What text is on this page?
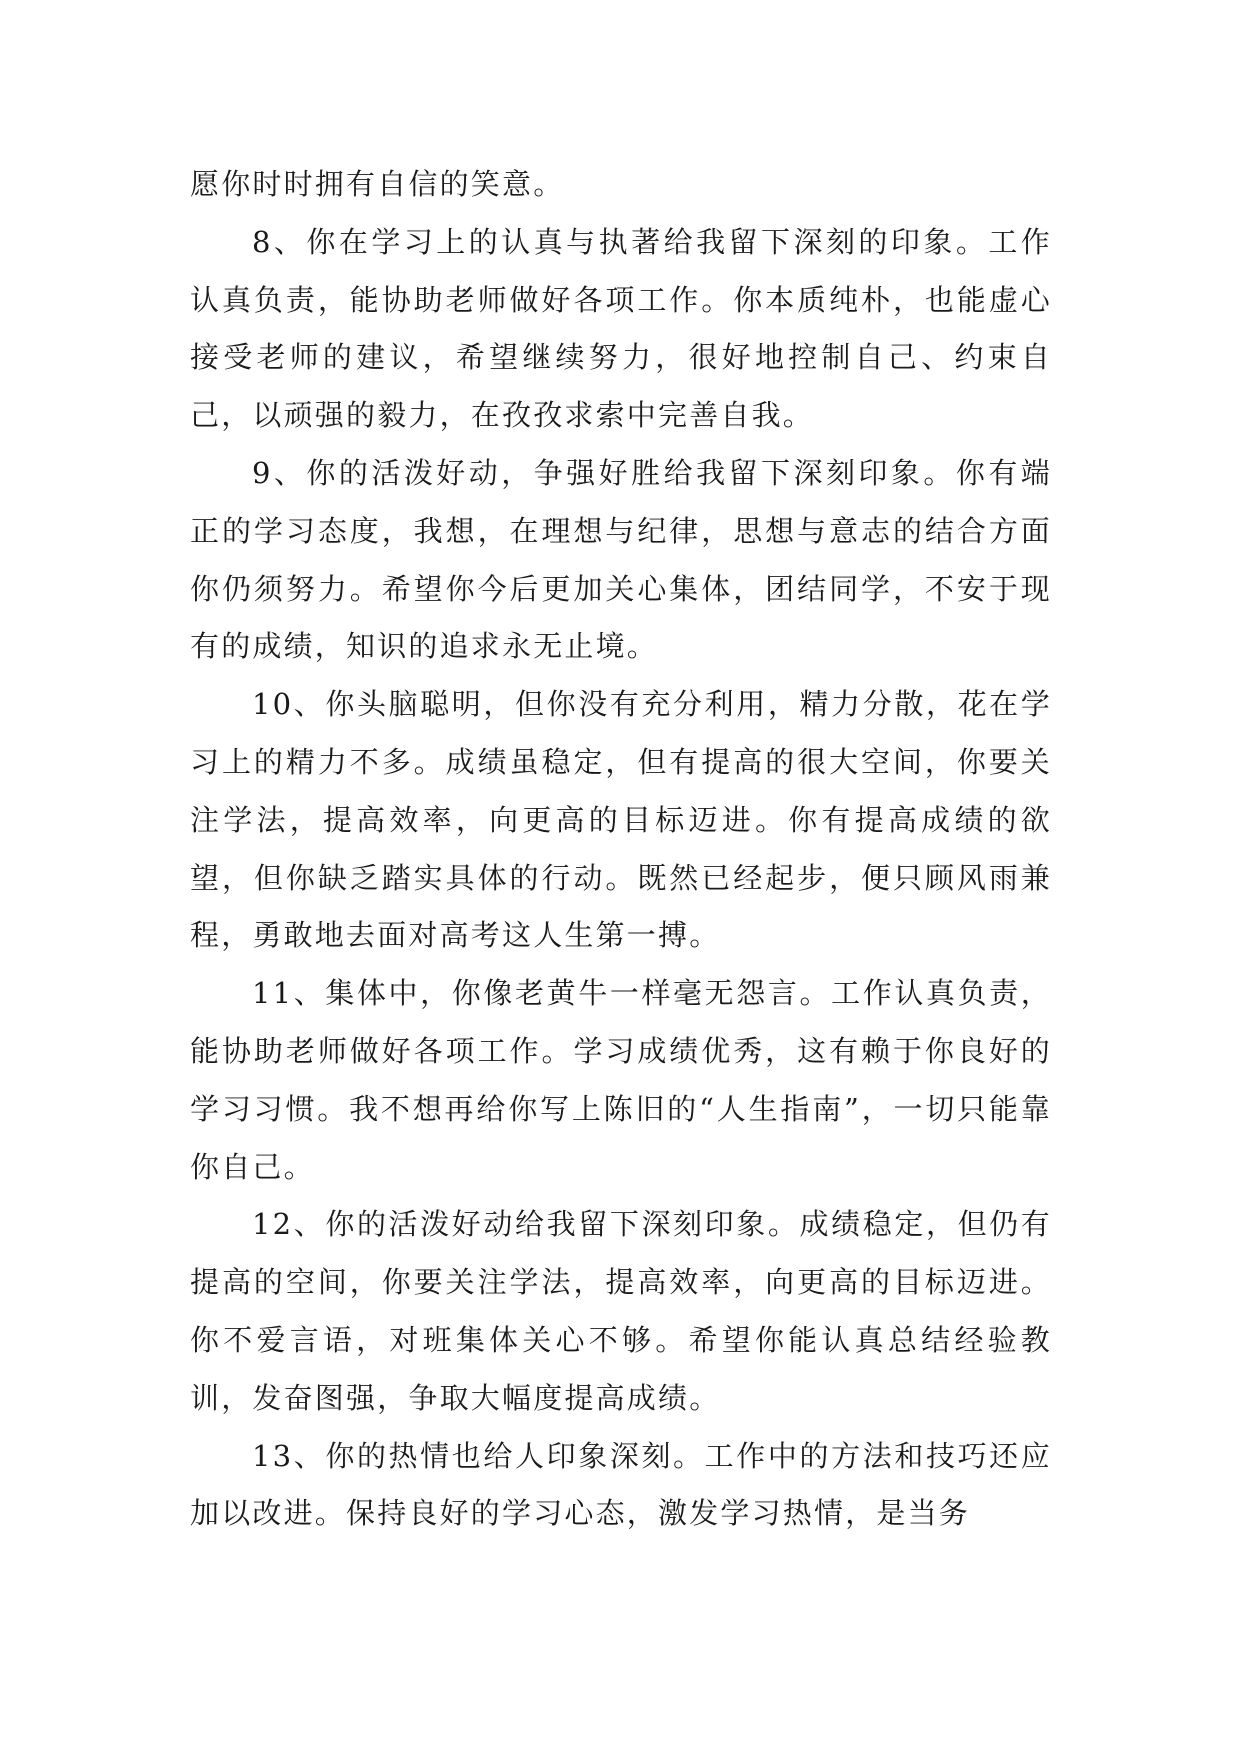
愿你时时拥有自信的笑意。

8、你在学习上的认真与执著给我留下深刻的印象。工作认真负责，能协助老师做好各项工作。你本质纯朴，也能虚心接受老师的建议，希望继续努力，很好地控制自己、约束自己，以顽强的毅力，在孜孜求索中完善自我。

9、你的活泼好动，争强好胜给我留下深刻印象。你有端正的学习态度，我想，在理想与纪律，思想与意志的结合方面你仍须努力。希望你今后更加关心集体，团结同学，不安于现有的成绩，知识的追求永无止境。

10、你头脑聪明，但你没有充分利用，精力分散，花在学习上的精力不多。成绩虽稳定，但有提高的很大空间，你要关注学法，提高效率，向更高的目标迈进。你有提高成绩的欲望，但你缺乏踏实具体的行动。既然已经起步，便只顾风雨兼程，勇敢地去面对高考这人生第一搏。

11、集体中，你像老黄牛一样毫无怨言。工作认真负责，能协助老师做好各项工作。学习成绩优秀，这有赖于你良好的学习习惯。我不想再给你写上陈旧的“人生指南”，一切只能靠你自己。

12、你的活泼好动给我留下深刻印象。成绩稳定，但仍有提高的空间，你要关注学法，提高效率，向更高的目标迈进。你不爱言语，对班集体关心不够。希望你能认真总结经验教训，发奋图强，争取大幅度提高成绩。

13、你的热情也给人印象深刻。工作中的方法和技巧还应加以改进。保持良好的学习心态，激发学习热情，是当务
